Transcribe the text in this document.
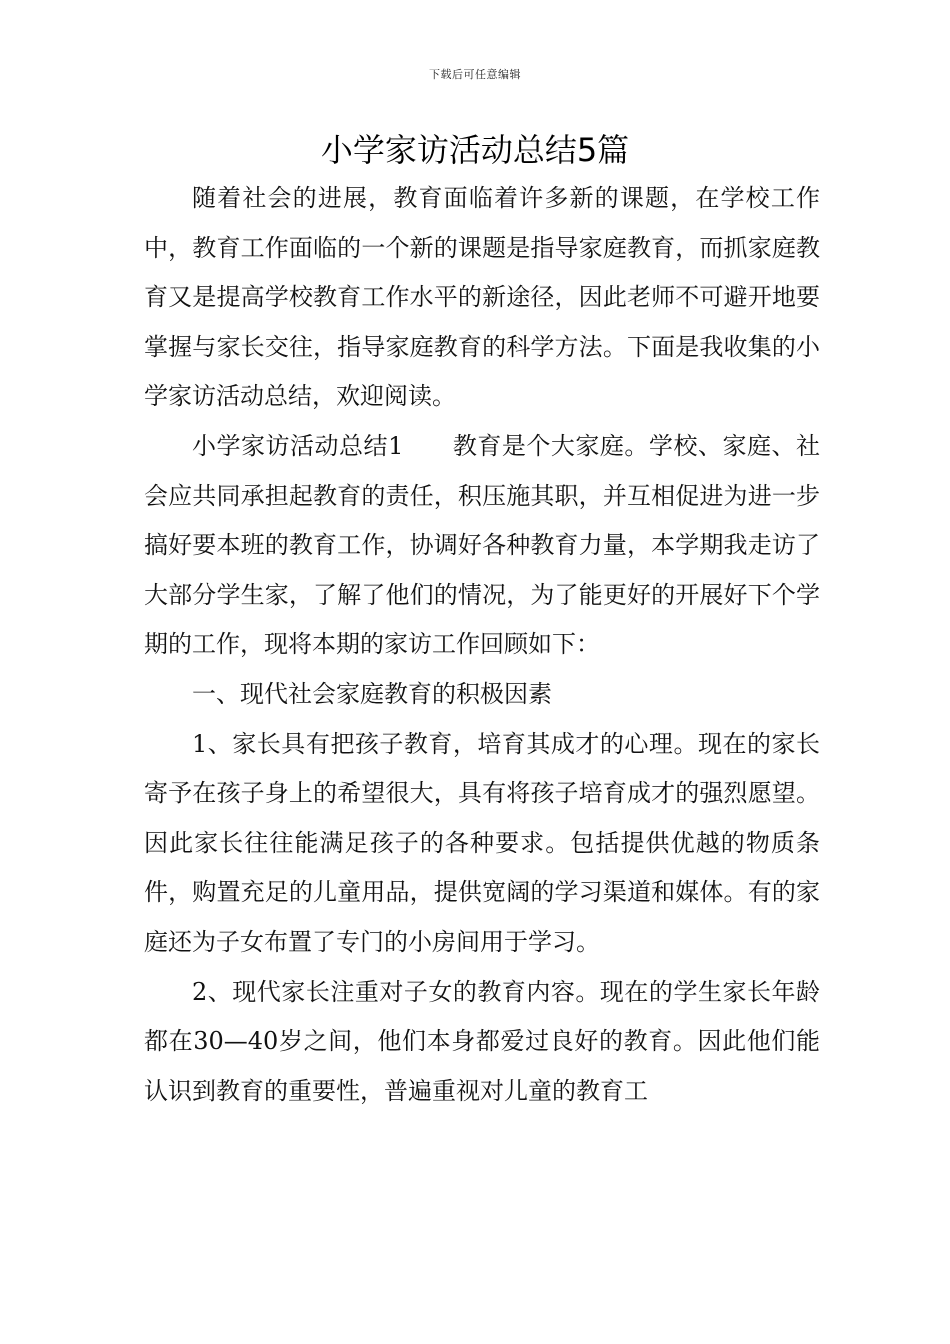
下载后可任意编辑
小学家访活动总结5篇

随着社会的进展，教育面临着许多新的课题，在学校工作中，教育工作面临的一个新的课题是指导家庭教育，而抓家庭教育又是提高学校教育工作水平的新途径，因此老师不可避开地要掌握与家长交往，指导家庭教育的科学方法。下面是我收集的小学家访活动总结，欢迎阅读。

小学家访活动总结1　　教育是个大家庭。学校、家庭、社会应共同承担起教育的责任，积压施其职，并互相促进为进一步搞好要本班的教育工作，协调好各种教育力量，本学期我走访了大部分学生家，了解了他们的情况，为了能更好的开展好下个学期的工作，现将本期的家访工作回顾如下：

一、现代社会家庭教育的积极因素

1、家长具有把孩子教育，培育其成才的心理。现在的家长寄予在孩子身上的希望很大，具有将孩子培育成才的强烈愿望。因此家长往往能满足孩子的各种要求。包括提供优越的物质条件，购置充足的儿童用品，提供宽阔的学习渠道和媒体。有的家庭还为子女布置了专门的小房间用于学习。

2、现代家长注重对子女的教育内容。现在的学生家长年龄都在30—40岁之间，他们本身都爱过良好的教育。因此他们能认识到教育的重要性，普遍重视对儿童的教育工
